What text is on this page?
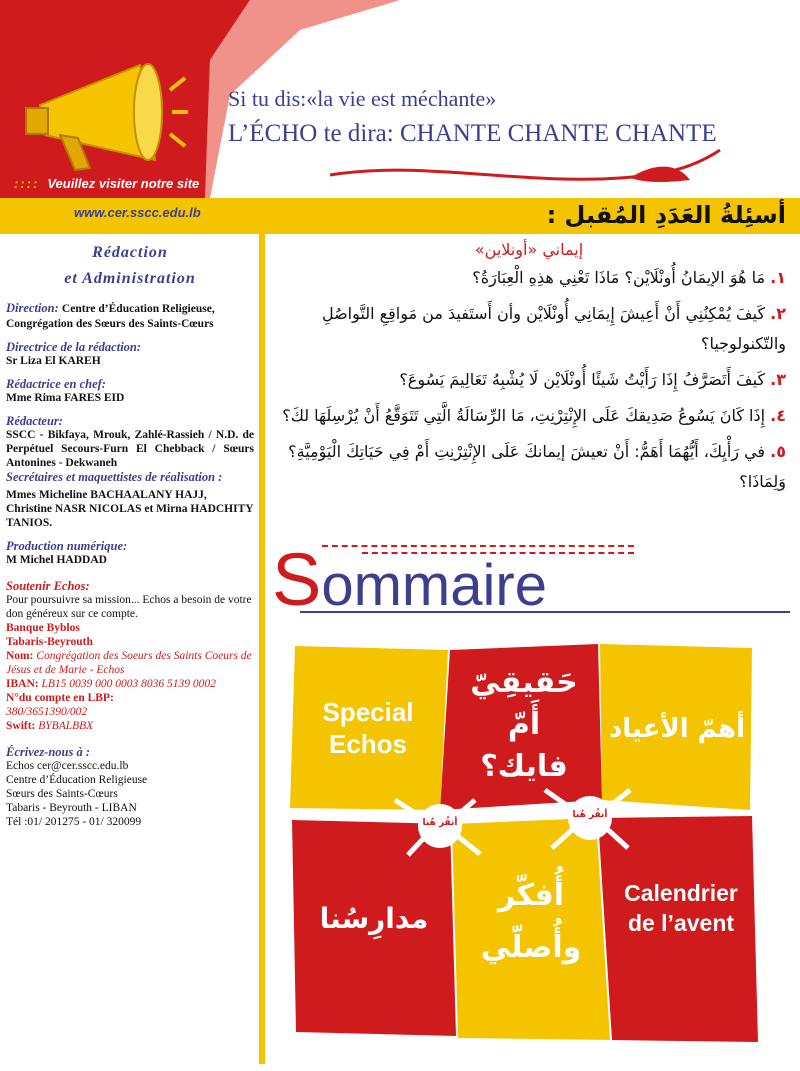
Si tu dis:«la vie est méchante»
L’ÉCHO te dira: CHANTE CHANTE CHANTE
:::: Veuillez visiter notre site
www.cer.sscc.edu.lb	أسئِلةُ العَدَدِ المُقبل :
Rédaction
et Administration
Direction: Centre d’Éducation Religieuse, Congrégation des Sœurs des Saints-Cœurs
Directrice de la rédaction:
Sr Liza El KAREH
Rédactrice en chef:
Mme Rima FARES EID
Rédacteur:
SSCC - Bikfaya, Mrouk, Zahlé-Rassieh / N.D. de Perpétuel Secours-Furn El Chebback / Sœurs Antonines - Dekwaneh
Secrétaires et maquettistes de réalisation :
Mmes Micheline BACHAALANY HAJJ, Christine NASR NICOLAS et Mirna HADCHITY TANIOS.
Production numérique:
M Michel HADDAD
Soutenir Echos:
Pour poursuivre sa mission... Echos a besoin de votre don généreux sur ce compte.
Banque Byblos
Tabaris-Beyrouth
Nom: Congrégation des Soeurs des Saints Coeurs de Jésus et de Marie - Echos
IBAN: LB15 0039 000 0003 8036 5139 0002
N°du compte en LBP:
380/3651390/002
Swift: BYBALBBX
Écrivez-nous à :
Echos cer@cer.sscc.edu.lb
Centre d’Éducation Religieuse
Sœurs des Saints-Cœurs
Tabaris - Beyrouth - LIBAN
Tél :01/ 201275 - 01/ 320099
إيماني «أونلاين»
١. مَا هُوَ الإيمَانُ أُونْلَايْن؟ مَاذَا تَعْنِي هذِهِ الْعِبَارَةُ؟
٢. كَيفَ يُمْكِنُنِي أَنْ أَعِيشَ إِيمَانِي أُونْلَايْن وأن أَستَفيدَ من مَواقِعِ التَّواصُلِ والتّكنولوجيا؟
٣. كَيفَ أَتَصَرَّفُ إِذَا رَأَيْتُ شَيئًا أُونْلَايْن لَا يُشْبِهُ تَعَالِيمَ يَسُوعَ؟
٤. إِذَا كَانَ يَسُوعُ صَدِيقكَ عَلَى الإِنْتِرْنِتِ، مَا الرِّسَالَةُ الَّتِي تَتَوَقَّعُ أَنْ يُرْسِلَهَا لكَ؟
٥. في رَأْيِكَ، أَيُّهُمَا أَهَمُّ: أَنْ تعيشَ إيمانكَ عَلَى الإِنْتِرْنِتِ أَمْ فِي حَيَاتِكَ الْيَوْمِيَّةِ؟ وَلِمَاذَا؟
Sommaire
Special
Echos
حَقيقِيّ
أَمّ
فايك؟
أهمّ الأعياد
أنقُر هُنا
أنقُر هُنا
مدارِسُنا
أُفكّر
وأُصلّي
Calendrier
de l’avent
